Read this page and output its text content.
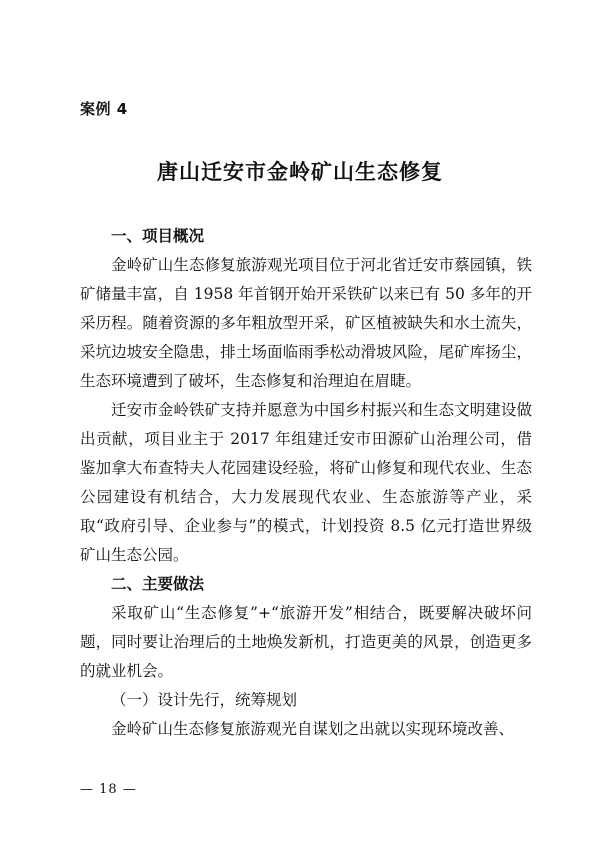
案例 4
唐山迁安市金岭矿山生态修复
一、项目概况

金岭矿山生态修复旅游观光项目位于河北省迁安市蔡园镇，铁矿储量丰富，自 1958 年首钢开始开采铁矿以来已有 50 多年的开采历程。随着资源的多年粗放型开采，矿区植被缺失和水土流失，采坑边坡安全隐患，排土场面临雨季松动滑坡风险，尾矿库扬尘，生态环境遭到了破坏，生态修复和治理迫在眉睫。

迁安市金岭铁矿支持并愿意为中国乡村振兴和生态文明建设做出贡献，项目业主于 2017 年组建迁安市田源矿山治理公司，借鉴加拿大布查特夫人花园建设经验，将矿山修复和现代农业、生态公园建设有机结合，大力发展现代农业、生态旅游等产业，采取“政府引导、企业参与”的模式，计划投资 8.5 亿元打造世界级矿山生态公园。

二、主要做法

采取矿山“生态修复”+“旅游开发”相结合，既要解决破坏问题，同时要让治理后的土地焕发新机，打造更美的风景，创造更多的就业机会。

（一）设计先行，统筹规划

金岭矿山生态修复旅游观光自谋划之出就以实现环境改善、

— 18 —
